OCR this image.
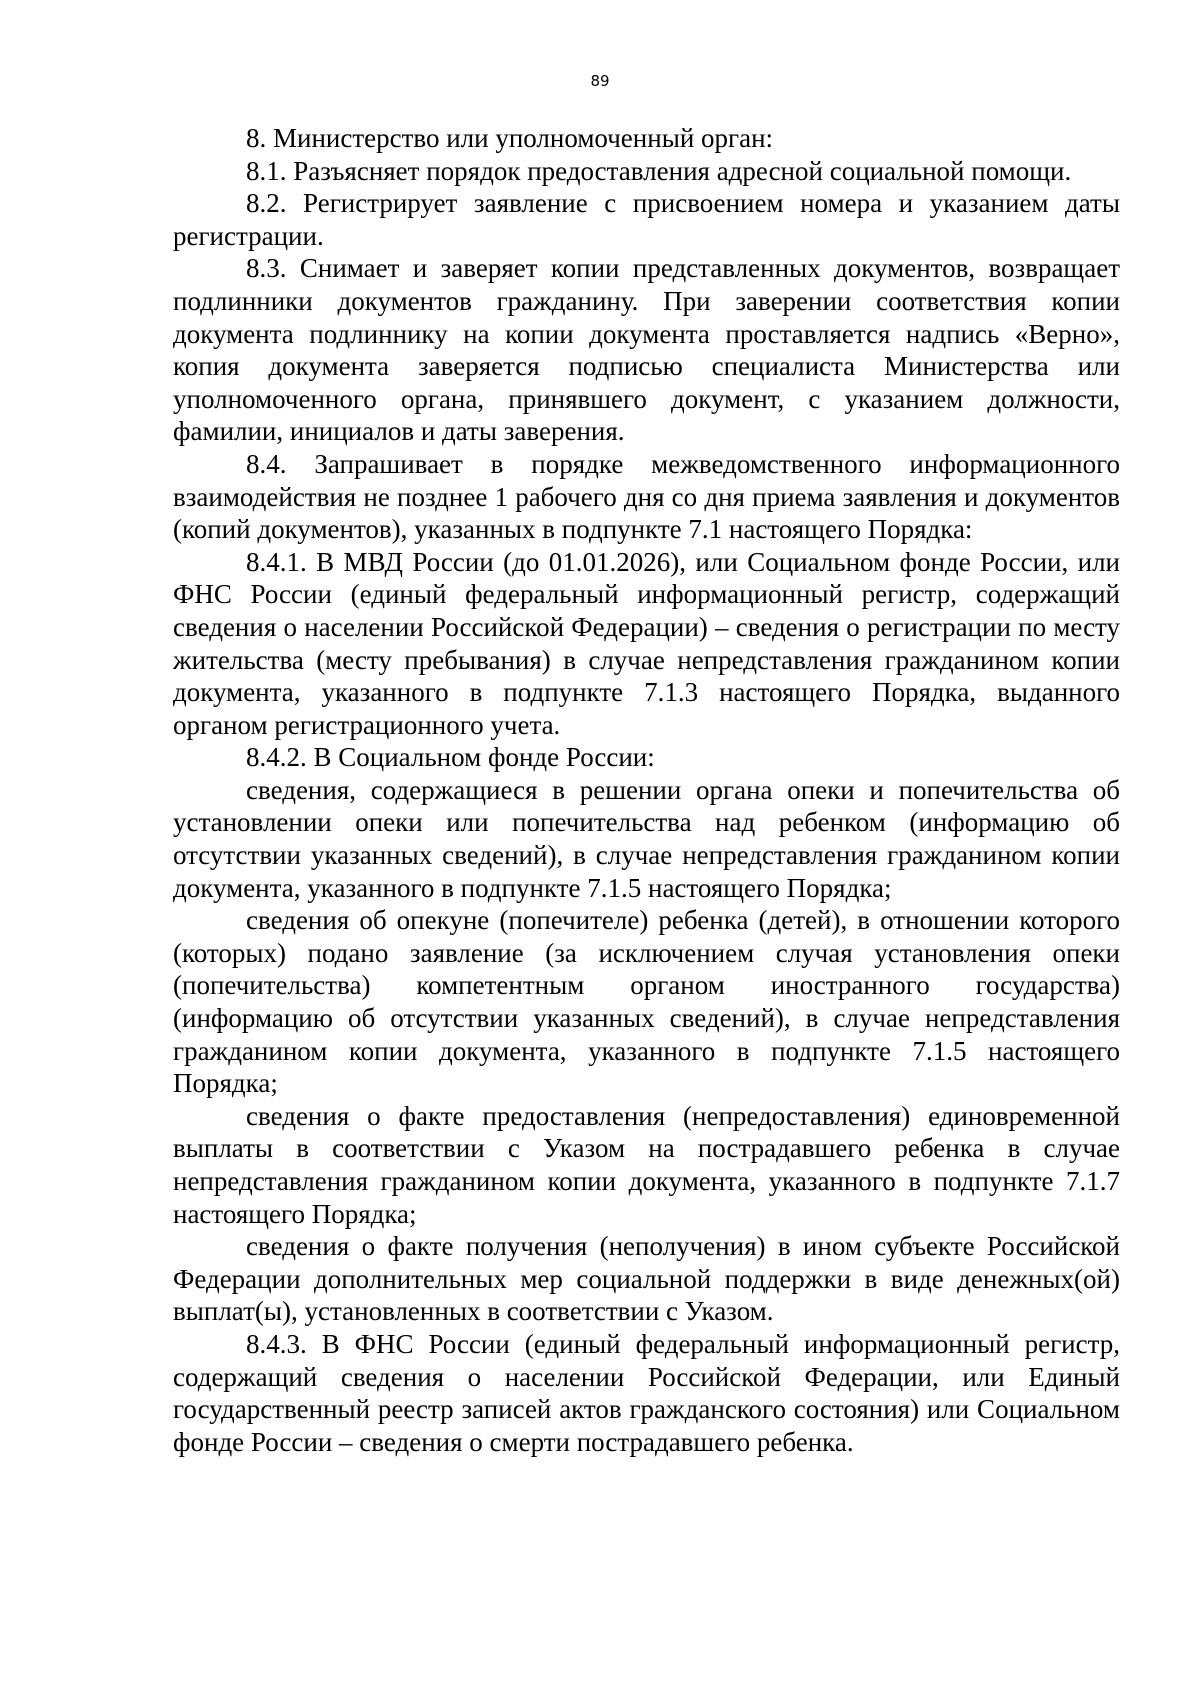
89

8. Министерство или уполномоченный орган:

8.1. Разъясняет порядок предоставления адресной социальной помощи.

8.2. Регистрирует заявление с присвоением номера и указанием даты регистрации.

8.3. Снимает и заверяет копии представленных документов, возвращает подлинники документов гражданину. При заверении соответствия копии документа подлиннику на копии документа проставляется надпись «Верно», копия документа заверяется подписью специалиста Министерства или уполномоченного органа, принявшего документ, с указанием должности, фамилии, инициалов и даты заверения.

8.4. Запрашивает в порядке межведомственного информационного взаимодействия не позднее 1 рабочего дня со дня приема заявления и документов (копий документов), указанных в подпункте 7.1 настоящего Порядка:

8.4.1. В МВД России (до 01.01.2026), или Социальном фонде России, или ФНС России (единый федеральный информационный регистр, содержащий сведения о населении Российской Федерации) – сведения о регистрации по месту жительства (месту пребывания) в случае непредставления гражданином копии документа, указанного в подпункте 7.1.3 настоящего Порядка, выданного органом регистрационного учета.

8.4.2. В Социальном фонде России:

сведения, содержащиеся в решении органа опеки и попечительства об установлении опеки или попечительства над ребенком (информацию об отсутствии указанных сведений), в случае непредставления гражданином копии документа, указанного в подпункте 7.1.5 настоящего Порядка;

сведения об опекуне (попечителе) ребенка (детей), в отношении которого (которых) подано заявление (за исключением случая установления опеки (попечительства) компетентным органом иностранного государства) (информацию об отсутствии указанных сведений), в случае непредставления гражданином копии документа, указанного в подпункте 7.1.5 настоящего Порядка;

сведения о факте предоставления (непредоставления) единовременной выплаты в соответствии с Указом на пострадавшего ребенка в случае непредставления гражданином копии документа, указанного в подпункте 7.1.7 настоящего Порядка;

сведения о факте получения (неполучения) в ином субъекте Российской Федерации дополнительных мер социальной поддержки в виде денежных(ой) выплат(ы), установленных в соответствии с Указом.

8.4.3. В ФНС России (единый федеральный информационный регистр, содержащий сведения о населении Российской Федерации, или Единый государственный реестр записей актов гражданского состояния) или Социальном фонде России – сведения о смерти пострадавшего ребенка.
